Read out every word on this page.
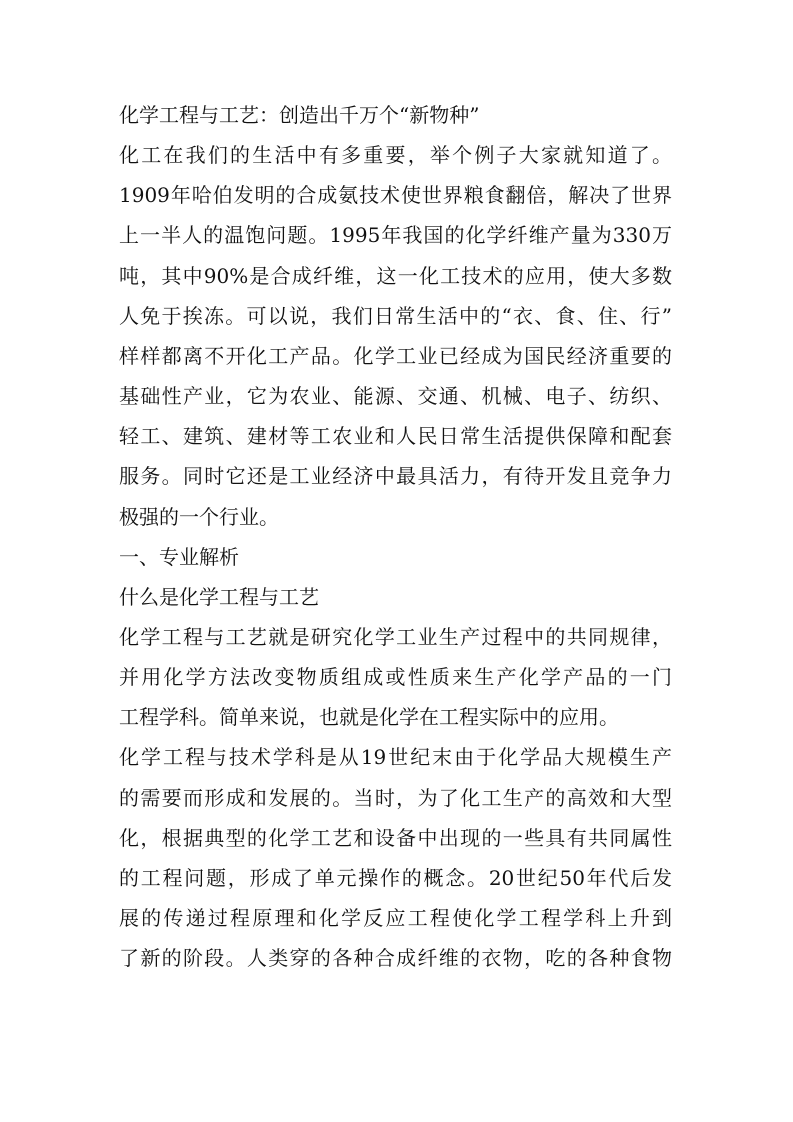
化学工程与工艺：创造出千万个“新物种”
化工在我们的生活中有多重要，举个例子大家就知道了。
1909年哈伯发明的合成氨技术使世界粮食翻倍，解决了世界
上一半人的温饱问题。1995年我国的化学纤维产量为330万
吨，其中90%是合成纤维，这一化工技术的应用，使大多数
人免于挨冻。可以说，我们日常生活中的“衣、食、住、行”
样样都离不开化工产品。化学工业已经成为国民经济重要的
基础性产业，它为农业、能源、交通、机械、电子、纺织、
轻工、建筑、建材等工农业和人民日常生活提供保障和配套
服务。同时它还是工业经济中最具活力，有待开发且竞争力
极强的一个行业。
一、专业解析
什么是化学工程与工艺
化学工程与工艺就是研究化学工业生产过程中的共同规律，
并用化学方法改变物质组成或性质来生产化学产品的一门
工程学科。简单来说，也就是化学在工程实际中的应用。
化学工程与技术学科是从19世纪末由于化学品大规模生产
的需要而形成和发展的。当时，为了化工生产的高效和大型
化，根据典型的化学工艺和设备中出现的一些具有共同属性
的工程问题，形成了单元操作的概念。20世纪50年代后发
展的传递过程原理和化学反应工程使化学工程学科上升到
了新的阶段。人类穿的各种合成纤维的衣物，吃的各种食物
